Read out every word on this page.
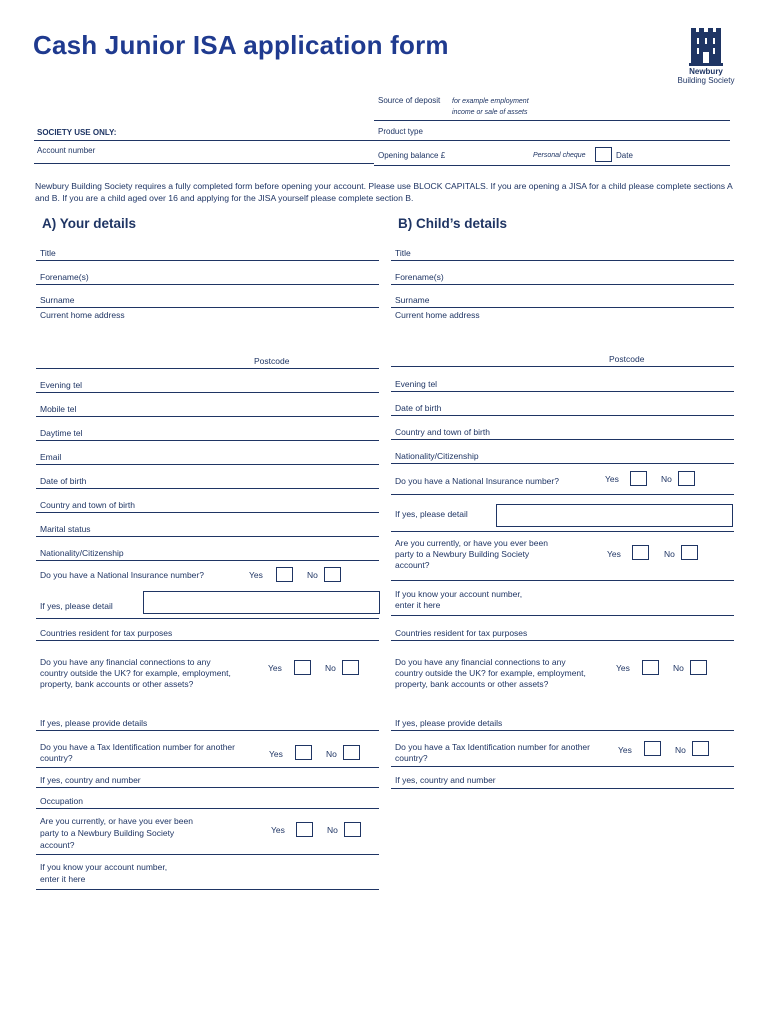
Cash Junior ISA application form
Newbury
Building Society
Source of deposit for example employment income or sale of assets
SOCIETY USE ONLY:	Product type
Account number
Opening balance £	Personal cheque	Date
Newbury Building Society requires a fully completed form before opening your account. Please use BLOCK CAPITALS. If you are opening a JISA for a child please complete sections A and B. If you are a child aged over 16 and applying for the JISA yourself please complete section B.
A) Your details
Title
Forename(s)
Surname
Current home address
Postcode
Evening tel
Mobile tel
Daytime tel
Email
Date of birth
Country and town of birth
Marital status
Nationality/Citizenship
Do you have a National Insurance number?	Yes	No
If yes, please detail
Countries resident for tax purposes
Do you have any financial connections to any country outside the UK? for example, employment, property, bank accounts or other assets?
Yes	No
If yes, please provide details
Do you have a Tax Identification number for another country?	Yes	No
If yes, country and number
Occupation
Are you currently, or have you ever been party to a Newbury Building Society account?
Yes	No
If you know your account number, enter it here
B) Child’s details
Title
Forename(s)
Surname
Current home address
Postcode
Evening tel
Date of birth
Country and town of birth
Nationality/Citizenship
Do you have a National Insurance number?	Yes	No
If yes, please detail
Are you currently, or have you ever been party to a Newbury Building Society account?
Yes	No
If you know your account number, enter it here
Countries resident for tax purposes
Do you have any financial connections to any country outside the UK? for example, employment, property, bank accounts or other assets?
Yes	No
If yes, please provide details
Do you have a Tax Identification number for another country?
Yes	No
If yes, country and number
